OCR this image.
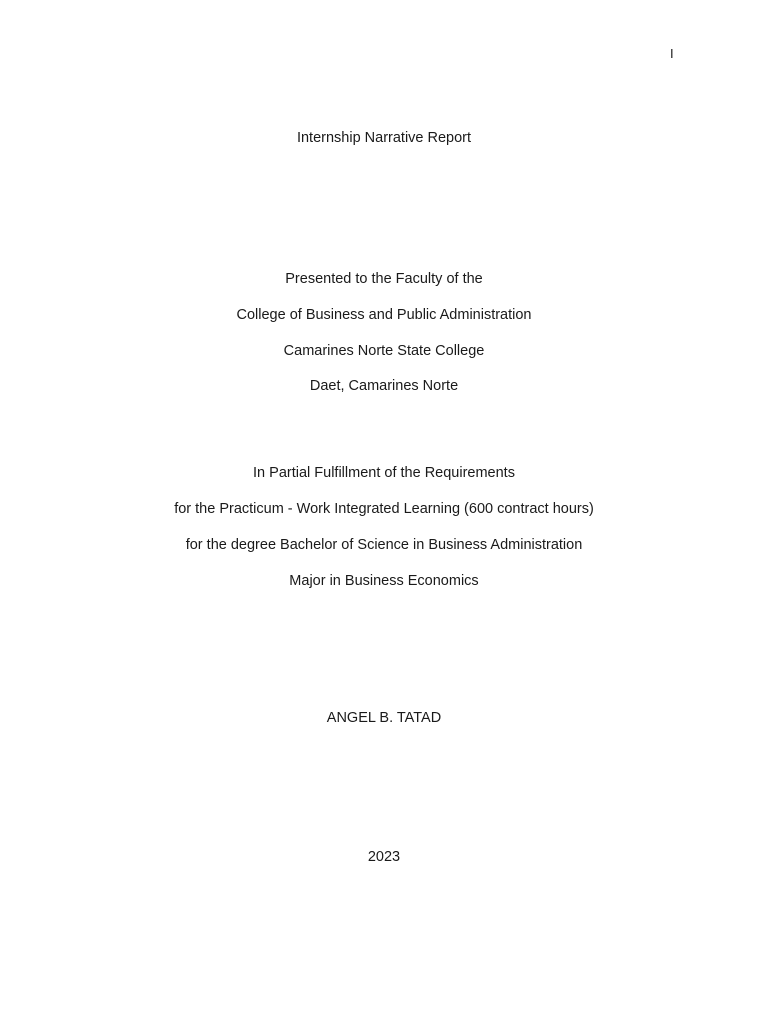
I
Internship Narrative Report
Presented to the Faculty of the
College of Business and Public Administration
Camarines Norte State College
Daet, Camarines Norte
In Partial Fulfillment of the Requirements
for the Practicum - Work Integrated Learning (600 contract hours)
for the degree Bachelor of Science in Business Administration
Major in Business Economics
ANGEL B. TATAD
2023
